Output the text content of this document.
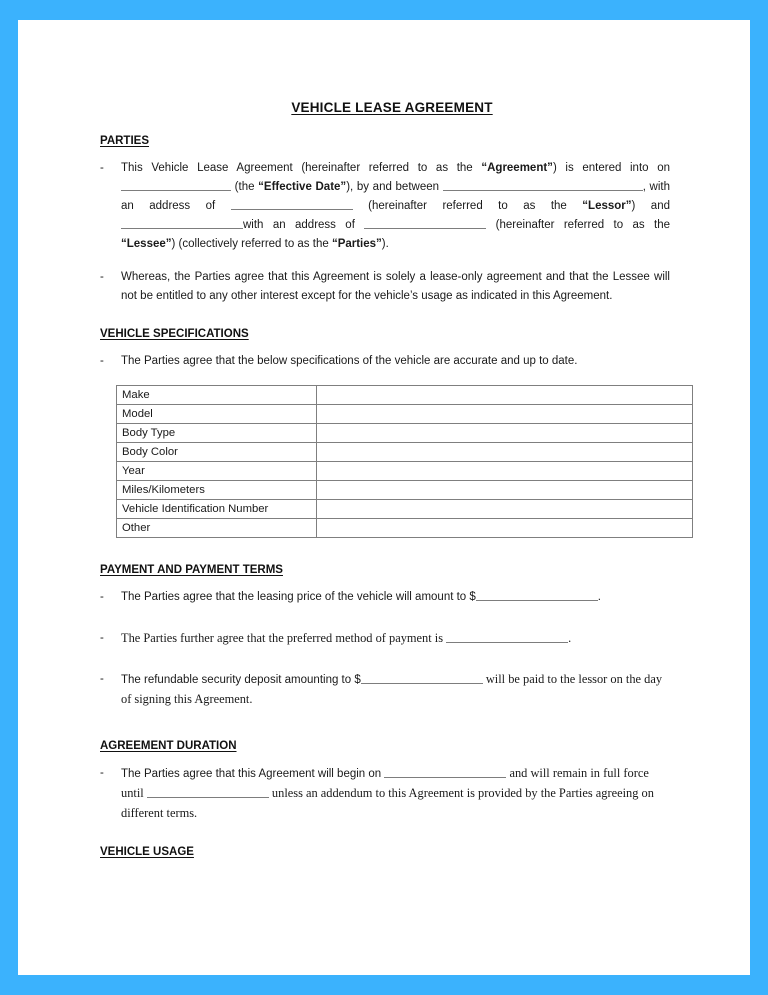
VEHICLE LEASE AGREEMENT
PARTIES
-	This Vehicle Lease Agreement (hereinafter referred to as the “Agreement”) is entered into on  (the “Effective Date”), by and between	, with an address of	(hereinafter referred to as the “Lessor”) and with an address of	(hereinafter referred to as the “Lessee”) (collectively referred to as the “Parties”).
-	Whereas, the Parties agree that this Agreement is solely a lease-only agreement and that the Lessee will not be entitled to any other interest except for the vehicle’s usage as indicated in this Agreement.
VEHICLE SPECIFICATIONS
-	The Parties agree that the below specifications of the vehicle are accurate and up to date.
Make	
Model	
Body Type	
Body Color	
Year	
Miles/Kilometers	
Vehicle Identification Number	
Other	
PAYMENT AND PAYMENT TERMS
-	The Parties agree that the leasing price of the vehicle will amount to $	.
-	The Parties further agree that the preferred method of payment is	.
-	The refundable security deposit amounting to $	will be paid to the lessor on the day of signing this Agreement.
AGREEMENT DURATION
-	The Parties agree that this Agreement will begin on	and will remain in full force until	unless an addendum to this Agreement is provided by the Parties agreeing on different terms.
VEHICLE USAGE
